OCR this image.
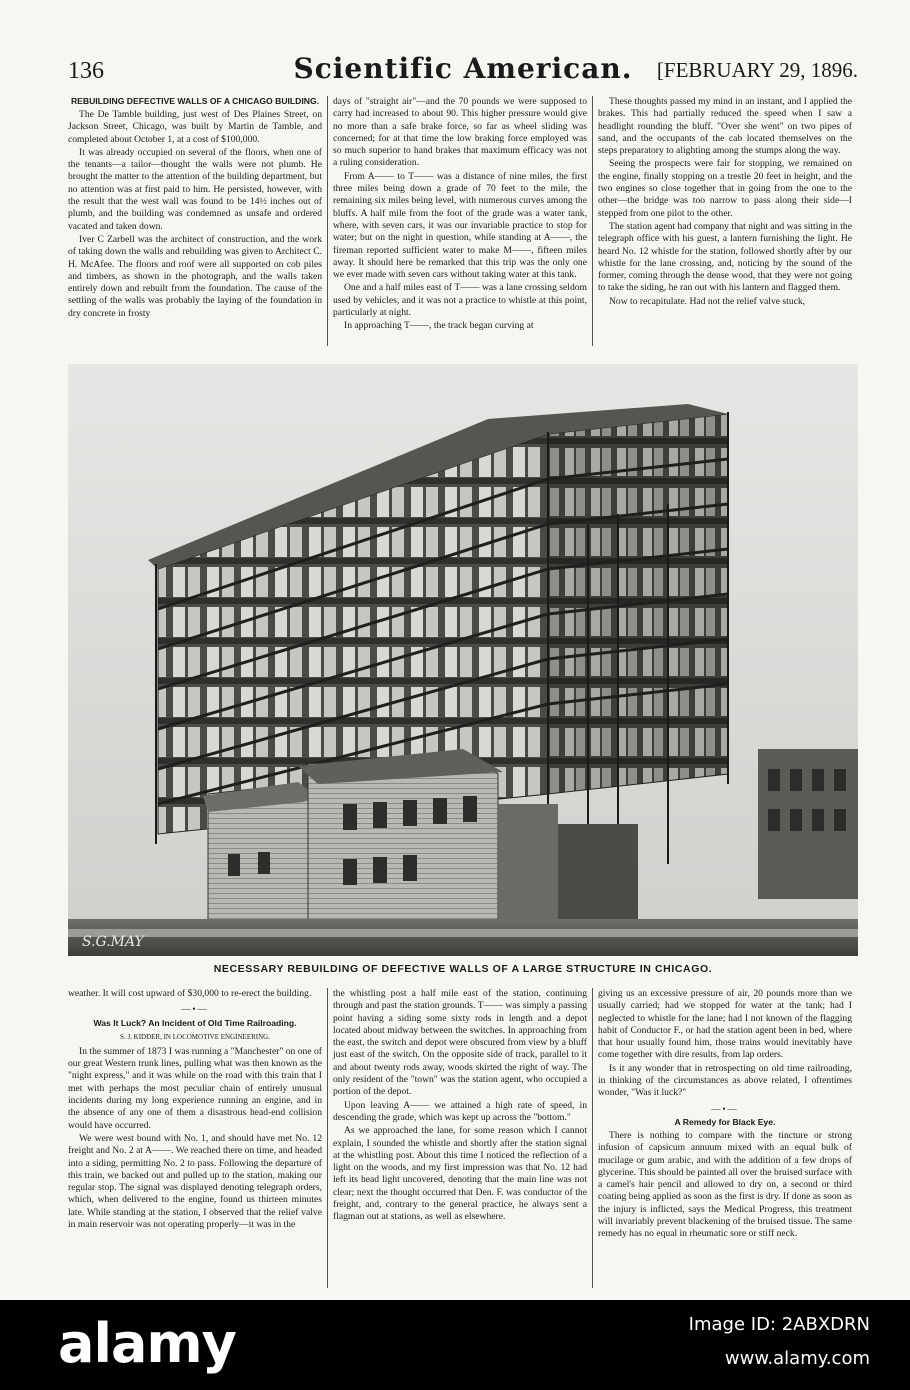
136	Scientific American.	[FEBRUARY 29, 1896.
REBUILDING DEFECTIVE WALLS OF A CHICAGO BUILDING.

The De Tamble building, just west of Des Plaines Street, on Jackson Street, Chicago, was built by Martin de Tamble, and completed about October 1, at a cost of $100,000.

It was already occupied on several of the floors, when one of the tenants—a tailor—thought the walls were not plumb. He brought the matter to the attention of the building department, but no attention was at first paid to him. He persisted, however, with the result that the west wall was found to be 14½ inches out of plumb, and the building was condemned as unsafe and ordered vacated and taken down.

Iver C Zarbell was the architect of construction, and the work of taking down the walls and rebuilding was given to Architect C. H. McAfee. The floors and roof were all supported on cob piles and timbers, as shown in the photograph, and the walls taken entirely down and rebuilt from the foundation. The cause of the settling of the walls was probably the laying of the foundation in dry concrete in frosty

days of "straight air"—and the 70 pounds we were supposed to carry had increased to about 90. This higher pressure would give no more than a safe brake force, so far as wheel sliding was concerned; for at that time the low braking force employed was so much superior to hand brakes that maximum efficacy was not a ruling consideration.

From A—— to T—— was a distance of nine miles, the first three miles being down a grade of 70 feet to the mile, the remaining six miles being level, with numerous curves among the bluffs. A half mile from the foot of the grade was a water tank, where, with seven cars, it was our invariable practice to stop for water; but on the night in question, while standing at A——, the fireman reported sufficient water to make M——, fifteen miles away. It should here be remarked that this trip was the only one we ever made with seven cars without taking water at this tank.

One and a half miles east of T—— was a lane crossing seldom used by vehicles, and it was not a practice to whistle at this point, particularly at night.

In approaching T——, the track began curving at

These thoughts passed my mind in an instant, and I applied the brakes. This had partially reduced the speed when I saw a headlight rounding the bluff. "Over she went" on two pipes of sand, and the occupants of the cab located themselves on the steps preparatory to alighting among the stumps along the way.

Seeing the prospects were fair for stopping, we remained on the engine, finally stopping on a trestle 20 feet in height, and the two engines so close together that in going from the one to the other—the bridge was too narrow to pass along their side—I stepped from one pilot to the other.

The station agent had company that night and was sitting in the telegraph office with his guest, a lantern furnishing the light. He heard No. 12 whistle for the station, followed shortly after by our whistle for the lane crossing, and, noticing by the sound of the former, coming through the dense wood, that they were not going to take the siding, he ran out with his lantern and flagged them.

Now to recapitulate. Had not the relief valve stuck,

S.G.MAY
NECESSARY REBUILDING OF DEFECTIVE WALLS OF A LARGE STRUCTURE IN CHICAGO.

weather. It will cost upward of $30,000 to re-erect the building.

—•—
Was It Luck? An Incident of Old Time Railroading.
S. J. KIDDER, IN LOCOMOTIVE ENGINEERING.

In the summer of 1873 I was running a "Manchester" on one of our great Western trunk lines, pulling what was then known as the "night express," and it was while on the road with this train that I met with perhaps the most peculiar chain of entirely unusual incidents during my long experience running an engine, and in the absence of any one of them a disastrous head-end collision would have occurred.

We were west bound with No. 1, and should have met No. 12 freight and No. 2 at A——. We reached there on time, and headed into a siding, permitting No. 2 to pass. Following the departure of this train, we backed out and pulled up to the station, making our regular stop. The signal was displayed denoting telegraph orders, which, when delivered to the engine, found us thirteen minutes late. While standing at the station, I observed that the relief valve in main reservoir was not operating properly—it was in the

the whistling post a half mile east of the station, continuing through and past the station grounds. T—— was simply a passing point having a siding some sixty rods in length and a depot located about midway between the switches. In approaching from the east, the switch and depot were obscured from view by a bluff just east of the switch. On the opposite side of track, parallel to it and about twenty rods away, woods skirted the right of way. The only resident of the "town" was the station agent, who occupied a portion of the depot.

Upon leaving A—— we attained a high rate of speed, in descending the grade, which was kept up across the "bottom."

As we approached the lane, for some reason which I cannot explain, I sounded the whistle and shortly after the station signal at the whistling post. About this time I noticed the reflection of a light on the woods, and my first impression was that No. 12 had left its head light uncovered, denoting that the main line was not clear; next the thought occurred that Den. F. was conductor of the freight, and, contrary to the general practice, he always sent a flagman out at stations, as well as elsewhere.

giving us an excessive pressure of air, 20 pounds more than we usually carried; had we stopped for water at the tank; had I neglected to whistle for the lane; had I not known of the flagging habit of Conductor F., or had the station agent been in bed, where that hour usually found him, those trains would inevitably have come together with dire results, from lap orders.

Is it any wonder that in retrospecting on old time railroading, in thinking of the circumstances as above related, I oftentimes wonder, "Was it luck?"

—•—
A Remedy for Black Eye.

There is nothing to compare with the tincture or strong infusion of capsicum annuum mixed with an equal bulk of mucilage or gum arabic, and with the addition of a few drops of glycerine. This should be painted all over the bruised surface with a camel's hair pencil and allowed to dry on, a second or third coating being applied as soon as the first is dry. If done as soon as the injury is inflicted, says the Medical Progress, this treatment will invariably prevent blackening of the bruised tissue. The same remedy has no equal in rheumatic sore or stiff neck.

alamy	Image ID: 2ABXDRN
www.alamy.com
